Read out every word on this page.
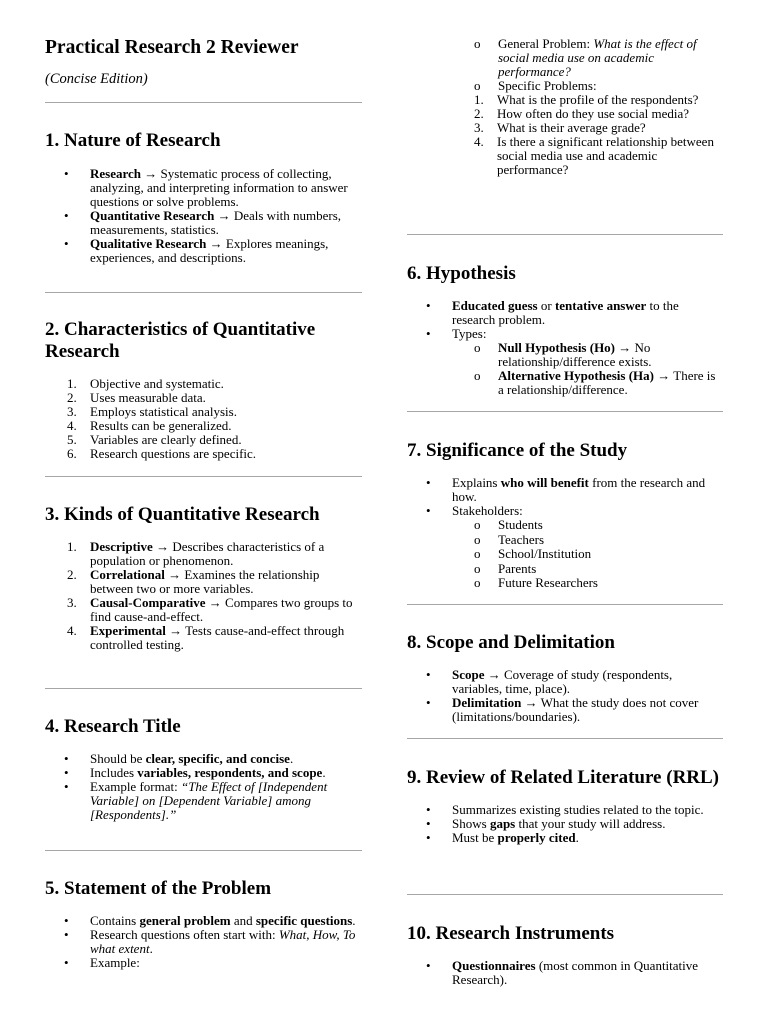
Practical Research 2 Reviewer

(Concise Edition)

1. Nature of Research
• Research → Systematic process of collecting, analyzing, and interpreting information to answer questions or solve problems.
• Quantitative Research → Deals with numbers, measurements, statistics.
• Qualitative Research → Explores meanings, experiences, and descriptions.
2. Characteristics of Quantitative Research
1. Objective and systematic.
2. Uses measurable data.
3. Employs statistical analysis.
4. Results can be generalized.
5. Variables are clearly defined.
6. Research questions are specific.
3. Kinds of Quantitative Research
1. Descriptive → Describes characteristics of a population or phenomenon.
2. Correlational → Examines the relationship between two or more variables.
3. Causal-Comparative → Compares two groups to find cause-and-effect.
4. Experimental → Tests cause-and-effect through controlled testing.
4. Research Title
• Should be clear, specific, and concise.
• Includes variables, respondents, and scope.
• Example format: “The Effect of [Independent Variable] on [Dependent Variable] among [Respondents].”
5. Statement of the Problem
• Contains general problem and specific questions.
• Research questions often start with: What, How, To what extent.
• Example:
o General Problem: What is the effect of social media use on academic performance?
o Specific Problems:
1. What is the profile of the respondents?
2. How often do they use social media?
3. What is their average grade?
4. Is there a significant relationship between social media use and academic performance?
6. Hypothesis
• Educated guess or tentative answer to the research problem.
• Types:
o Null Hypothesis (Ho) → No relationship/difference exists.
o Alternative Hypothesis (Ha) → There is a relationship/difference.
7. Significance of the Study
• Explains who will benefit from the research and how.
• Stakeholders:
o Students
o Teachers
o School/Institution
o Parents
o Future Researchers
8. Scope and Delimitation
• Scope → Coverage of study (respondents, variables, time, place).
• Delimitation → What the study does not cover (limitations/boundaries).
9. Review of Related Literature (RRL)
• Summarizes existing studies related to the topic.
• Shows gaps that your study will address.
• Must be properly cited.
10. Research Instruments
• Questionnaires (most common in Quantitative Research).
